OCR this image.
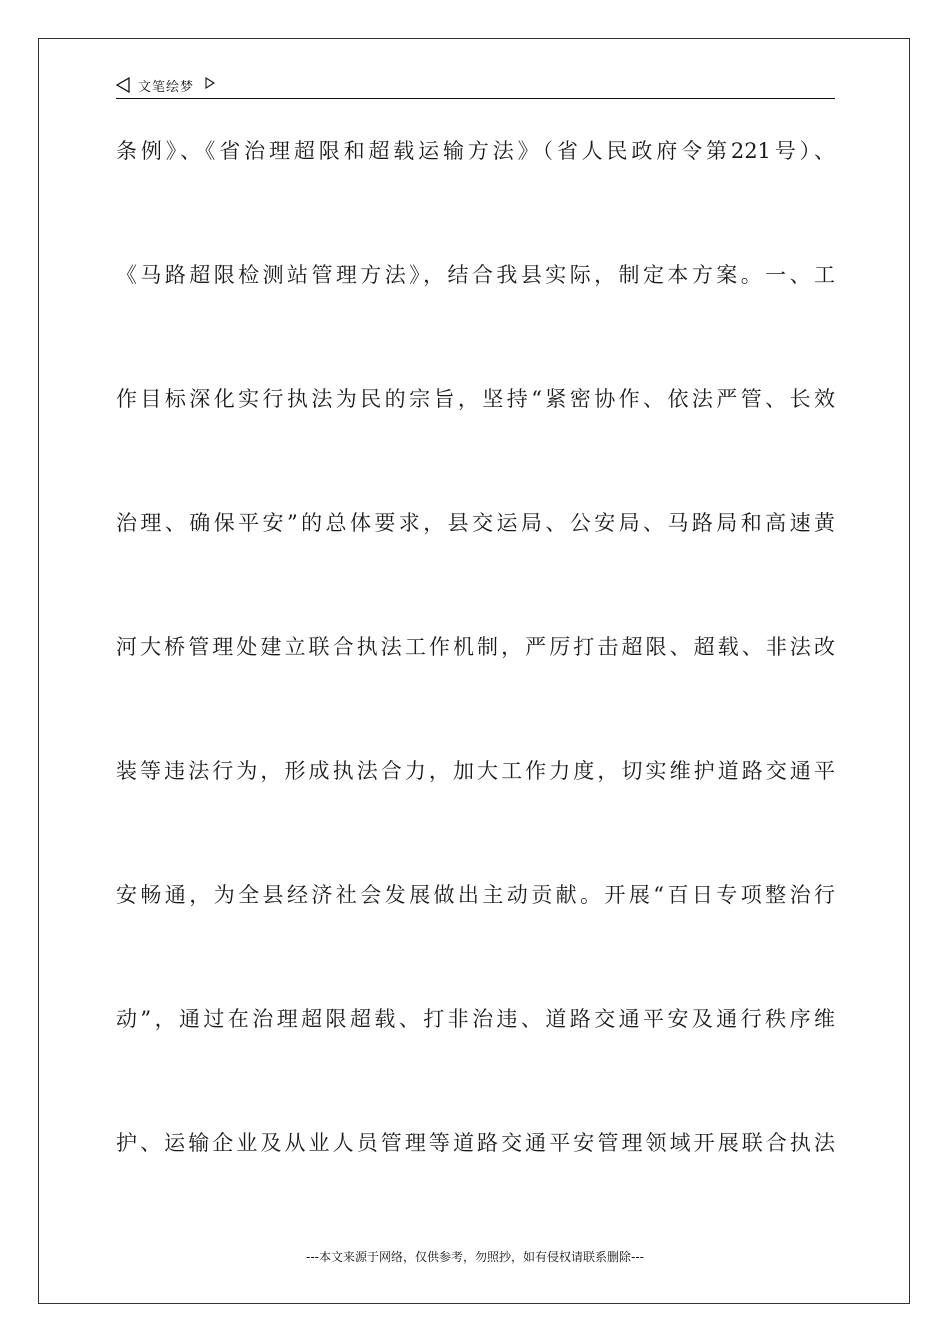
文笔绘梦
条例》、《省治理超限和超载运输方法》（省人民政府令第221号）、
《马路超限检测站管理方法》，结合我县实际，制定本方案。一、工
作目标深化实行执法为民的宗旨，坚持“紧密协作、依法严管、长效
治理、确保平安”的总体要求，县交运局、公安局、马路局和高速黄
河大桥管理处建立联合执法工作机制，严厉打击超限、超载、非法改
装等违法行为，形成执法合力，加大工作力度，切实维护道路交通平
安畅通，为全县经济社会发展做出主动贡献。开展“百日专项整治行
动”，通过在治理超限超载、打非治违、道路交通平安及通行秩序维
护、运输企业及从业人员管理等道路交通平安管理领域开展联合执法
---本文来源于网络，仅供参考，勿照抄，如有侵权请联系删除---
